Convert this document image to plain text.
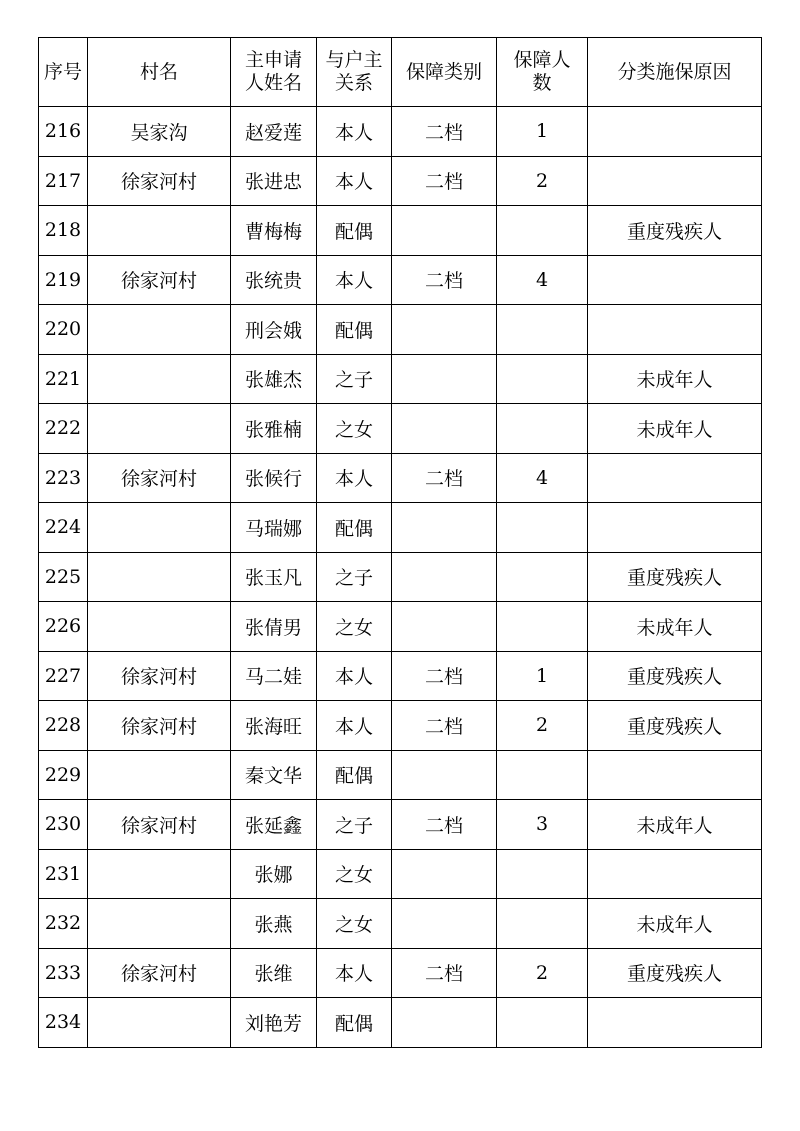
序号	村名	主申请人姓名	与户主关系	保障类别	保障人数	分类施保原因
216	吴家沟	赵爱莲	本人	二档	1	
217	徐家河村	张进忠	本人	二档	2	
218		曹梅梅	配偶			重度残疾人
219	徐家河村	张统贵	本人	二档	4	
220		刑会娥	配偶			
221		张雄杰	之子			未成年人
222		张雅楠	之女			未成年人
223	徐家河村	张候行	本人	二档	4	
224		马瑞娜	配偶			
225		张玉凡	之子			重度残疾人
226		张倩男	之女			未成年人
227	徐家河村	马二娃	本人	二档	1	重度残疾人
228	徐家河村	张海旺	本人	二档	2	重度残疾人
229		秦文华	配偶			
230	徐家河村	张延鑫	之子	二档	3	未成年人
231		张娜	之女			
232		张燕	之女			未成年人
233	徐家河村	张维	本人	二档	2	重度残疾人
234		刘艳芳	配偶			
